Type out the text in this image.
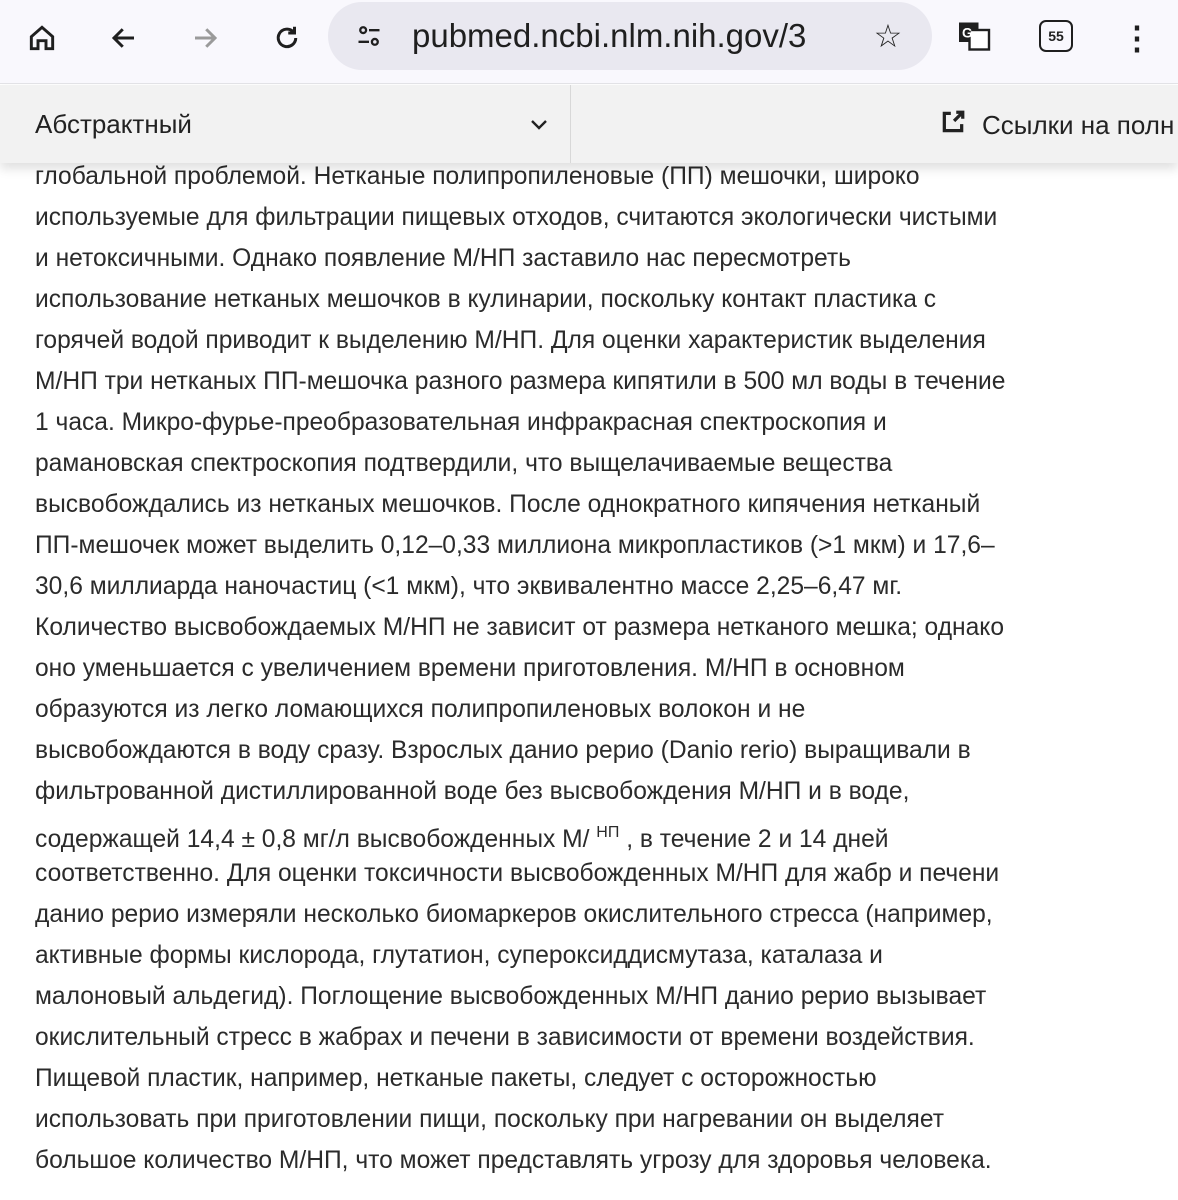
pubmed.ncbi.nlm.nih.gov/3 ☆	G	55 ⋮
Абстрактный	Ссылки на полн
глобальной проблемой. Нетканые полипропиленовые (ПП) мешочки, широко
используемые для фильтрации пищевых отходов, считаются экологически чистыми
и нетоксичными. Однако появление М/НП заставило нас пересмотреть
использование нетканых мешочков в кулинарии, поскольку контакт пластика с
горячей водой приводит к выделению М/НП. Для оценки характеристик выделения
М/НП три нетканых ПП-мешочка разного размера кипятили в 500 мл воды в течение
1 часа. Микро-фурье-преобразовательная инфракрасная спектроскопия и
рамановская спектроскопия подтвердили, что выщелачиваемые вещества
высвобождались из нетканых мешочков. После однократного кипячения нетканый
ПП-мешочек может выделить 0,12–0,33 миллиона микропластиков (>1 мкм) и 17,6–
30,6 миллиарда наночастиц (<1 мкм), что эквивалентно массе 2,25–6,47 мг.
Количество высвобождаемых М/НП не зависит от размера нетканого мешка; однако
оно уменьшается с увеличением времени приготовления. М/НП в основном
образуются из легко ломающихся полипропиленовых волокон и не
высвобождаются в воду сразу. Взрослых данио рерио (Danio rerio) выращивали в
фильтрованной дистиллированной воде без высвобождения М/НП и в воде,
содержащей 14,4 ± 0,8 мг/л высвобожденных М/ $^{НП}$ , в течение 2 и 14 дней
соответственно. Для оценки токсичности высвобожденных М/НП для жабр и печени
данио рерио измеряли несколько биомаркеров окислительного стресса (например,
активные формы кислорода, глутатион, супероксиддисмутаза, каталаза и
малоновый альдегид). Поглощение высвобожденных М/НП данио рерио вызывает
окислительный стресс в жабрах и печени в зависимости от времени воздействия.
Пищевой пластик, например, нетканые пакеты, следует с осторожностью
использовать при приготовлении пищи, поскольку при нагревании он выделяет
большое количество М/НП, что может представлять угрозу для здоровья человека.
